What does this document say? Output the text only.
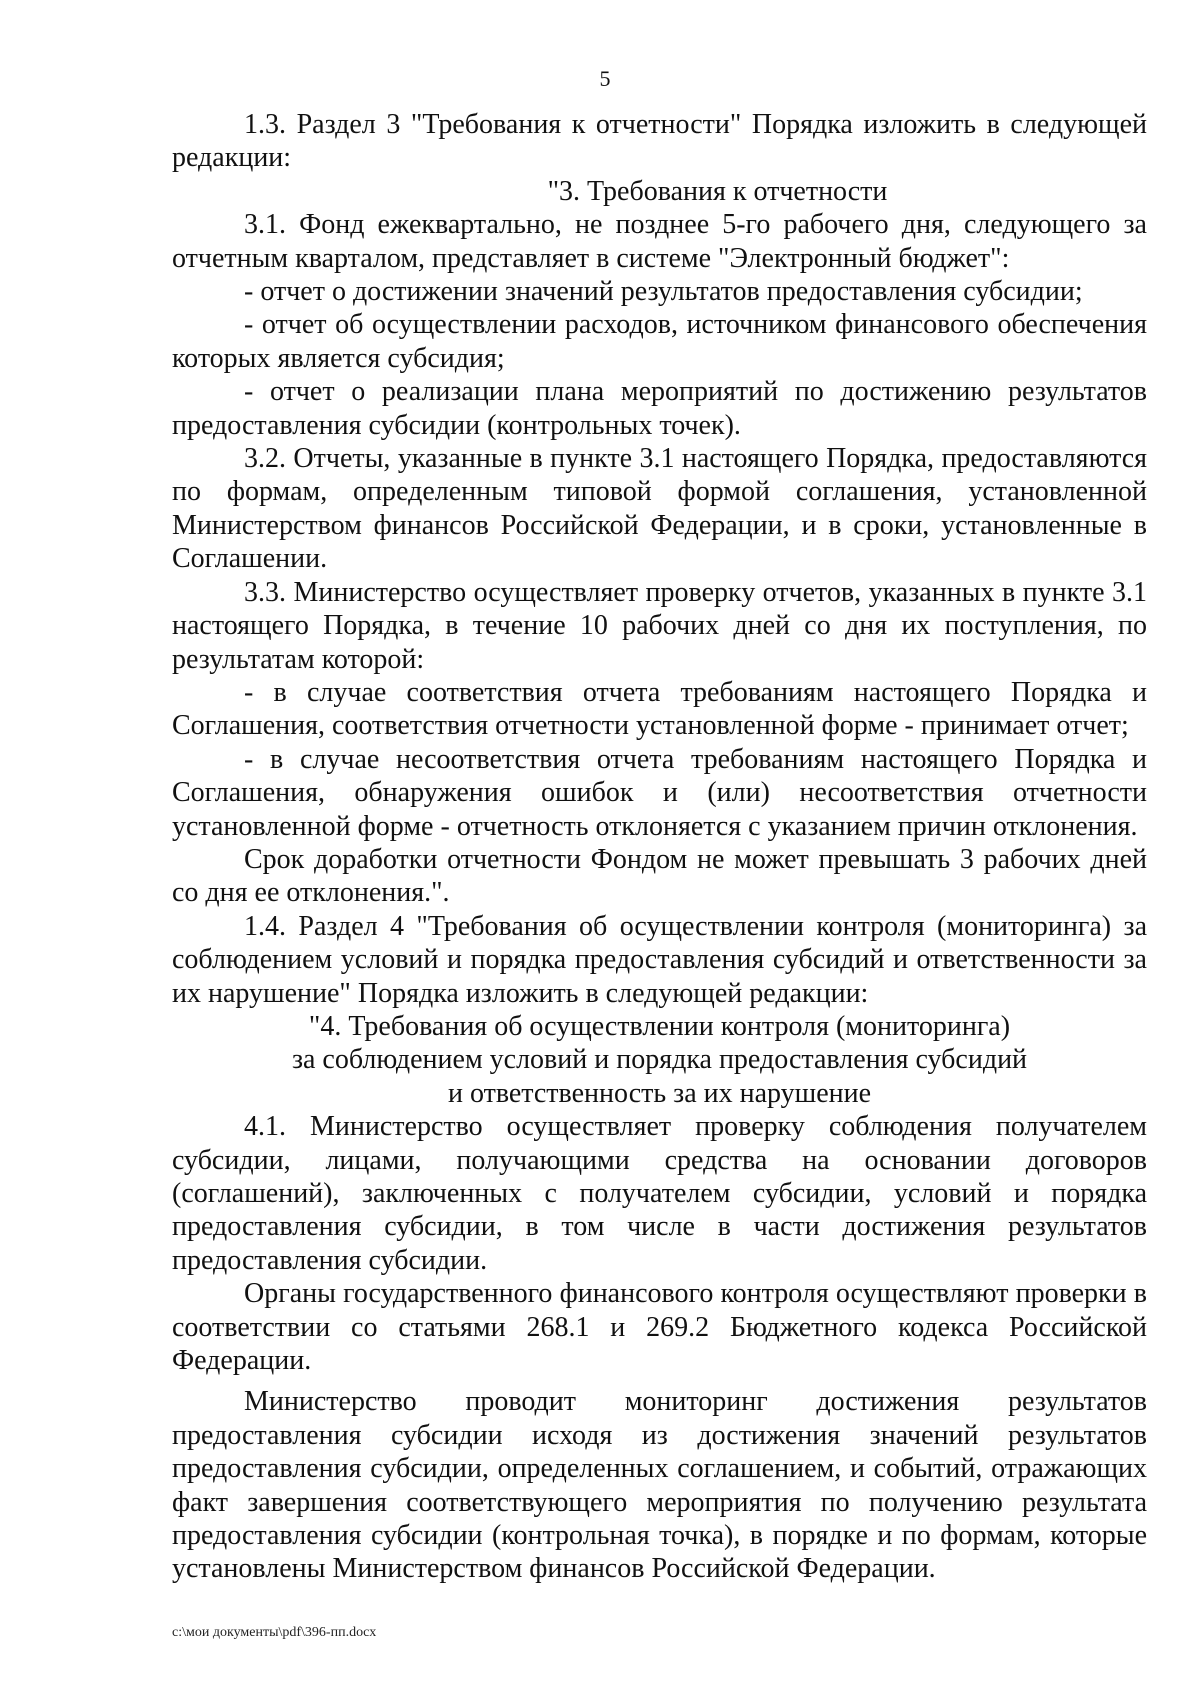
5

1.3. Раздел 3 "Требования к отчетности" Порядка изложить в следующей редакции:

"3. Требования к отчетности

3.1. Фонд ежеквартально, не позднее 5-го рабочего дня, следующего за отчетным кварталом, представляет в системе "Электронный бюджет":

- отчет о достижении значений результатов предоставления субсидии;

- отчет об осуществлении расходов, источником финансового обеспечения которых является субсидия;

- отчет о реализации плана мероприятий по достижению результатов предоставления субсидии (контрольных точек).

3.2. Отчеты, указанные в пункте 3.1 настоящего Порядка, предоставляются по формам, определенным типовой формой соглашения, установленной Министерством финансов Российской Федерации, и в сроки, установленные в Соглашении.

3.3. Министерство осуществляет проверку отчетов, указанных в пункте 3.1 настоящего Порядка, в течение 10 рабочих дней со дня их поступления, по результатам которой:

- в случае соответствия отчета требованиям настоящего Порядка и Соглашения, соответствия отчетности установленной форме - принимает отчет;

- в случае несоответствия отчета требованиям настоящего Порядка и Соглашения, обнаружения ошибок и (или) несоответствия отчетности установленной форме - отчетность отклоняется с указанием причин отклонения.

Срок доработки отчетности Фондом не может превышать 3 рабочих дней со дня ее отклонения.".

1.4. Раздел 4 "Требования об осуществлении контроля (мониторинга) за соблюдением условий и порядка предоставления субсидий и ответственности за их нарушение" Порядка изложить в следующей редакции:

"4. Требования об осуществлении контроля (мониторинга)

за соблюдением условий и порядка предоставления субсидий

и ответственность за их нарушение

4.1. Министерство осуществляет проверку соблюдения получателем субсидии, лицами, получающими средства на основании договоров (соглашений), заключенных с получателем субсидии, условий и порядка предоставления субсидии, в том числе в части достижения результатов предоставления субсидии.

Органы государственного финансового контроля осуществляют проверки в соответствии со статьями 268.1 и 269.2 Бюджетного кодекса Российской Федерации.

Министерство проводит мониторинг достижения результатов предоставления субсидии исходя из достижения значений результатов предоставления субсидии, определенных соглашением, и событий, отражающих факт завершения соответствующего мероприятия по получению результата предоставления субсидии (контрольная точка), в порядке и по формам, которые установлены Министерством финансов Российской Федерации.

c:\мои документы\pdf\396-пп.docx
